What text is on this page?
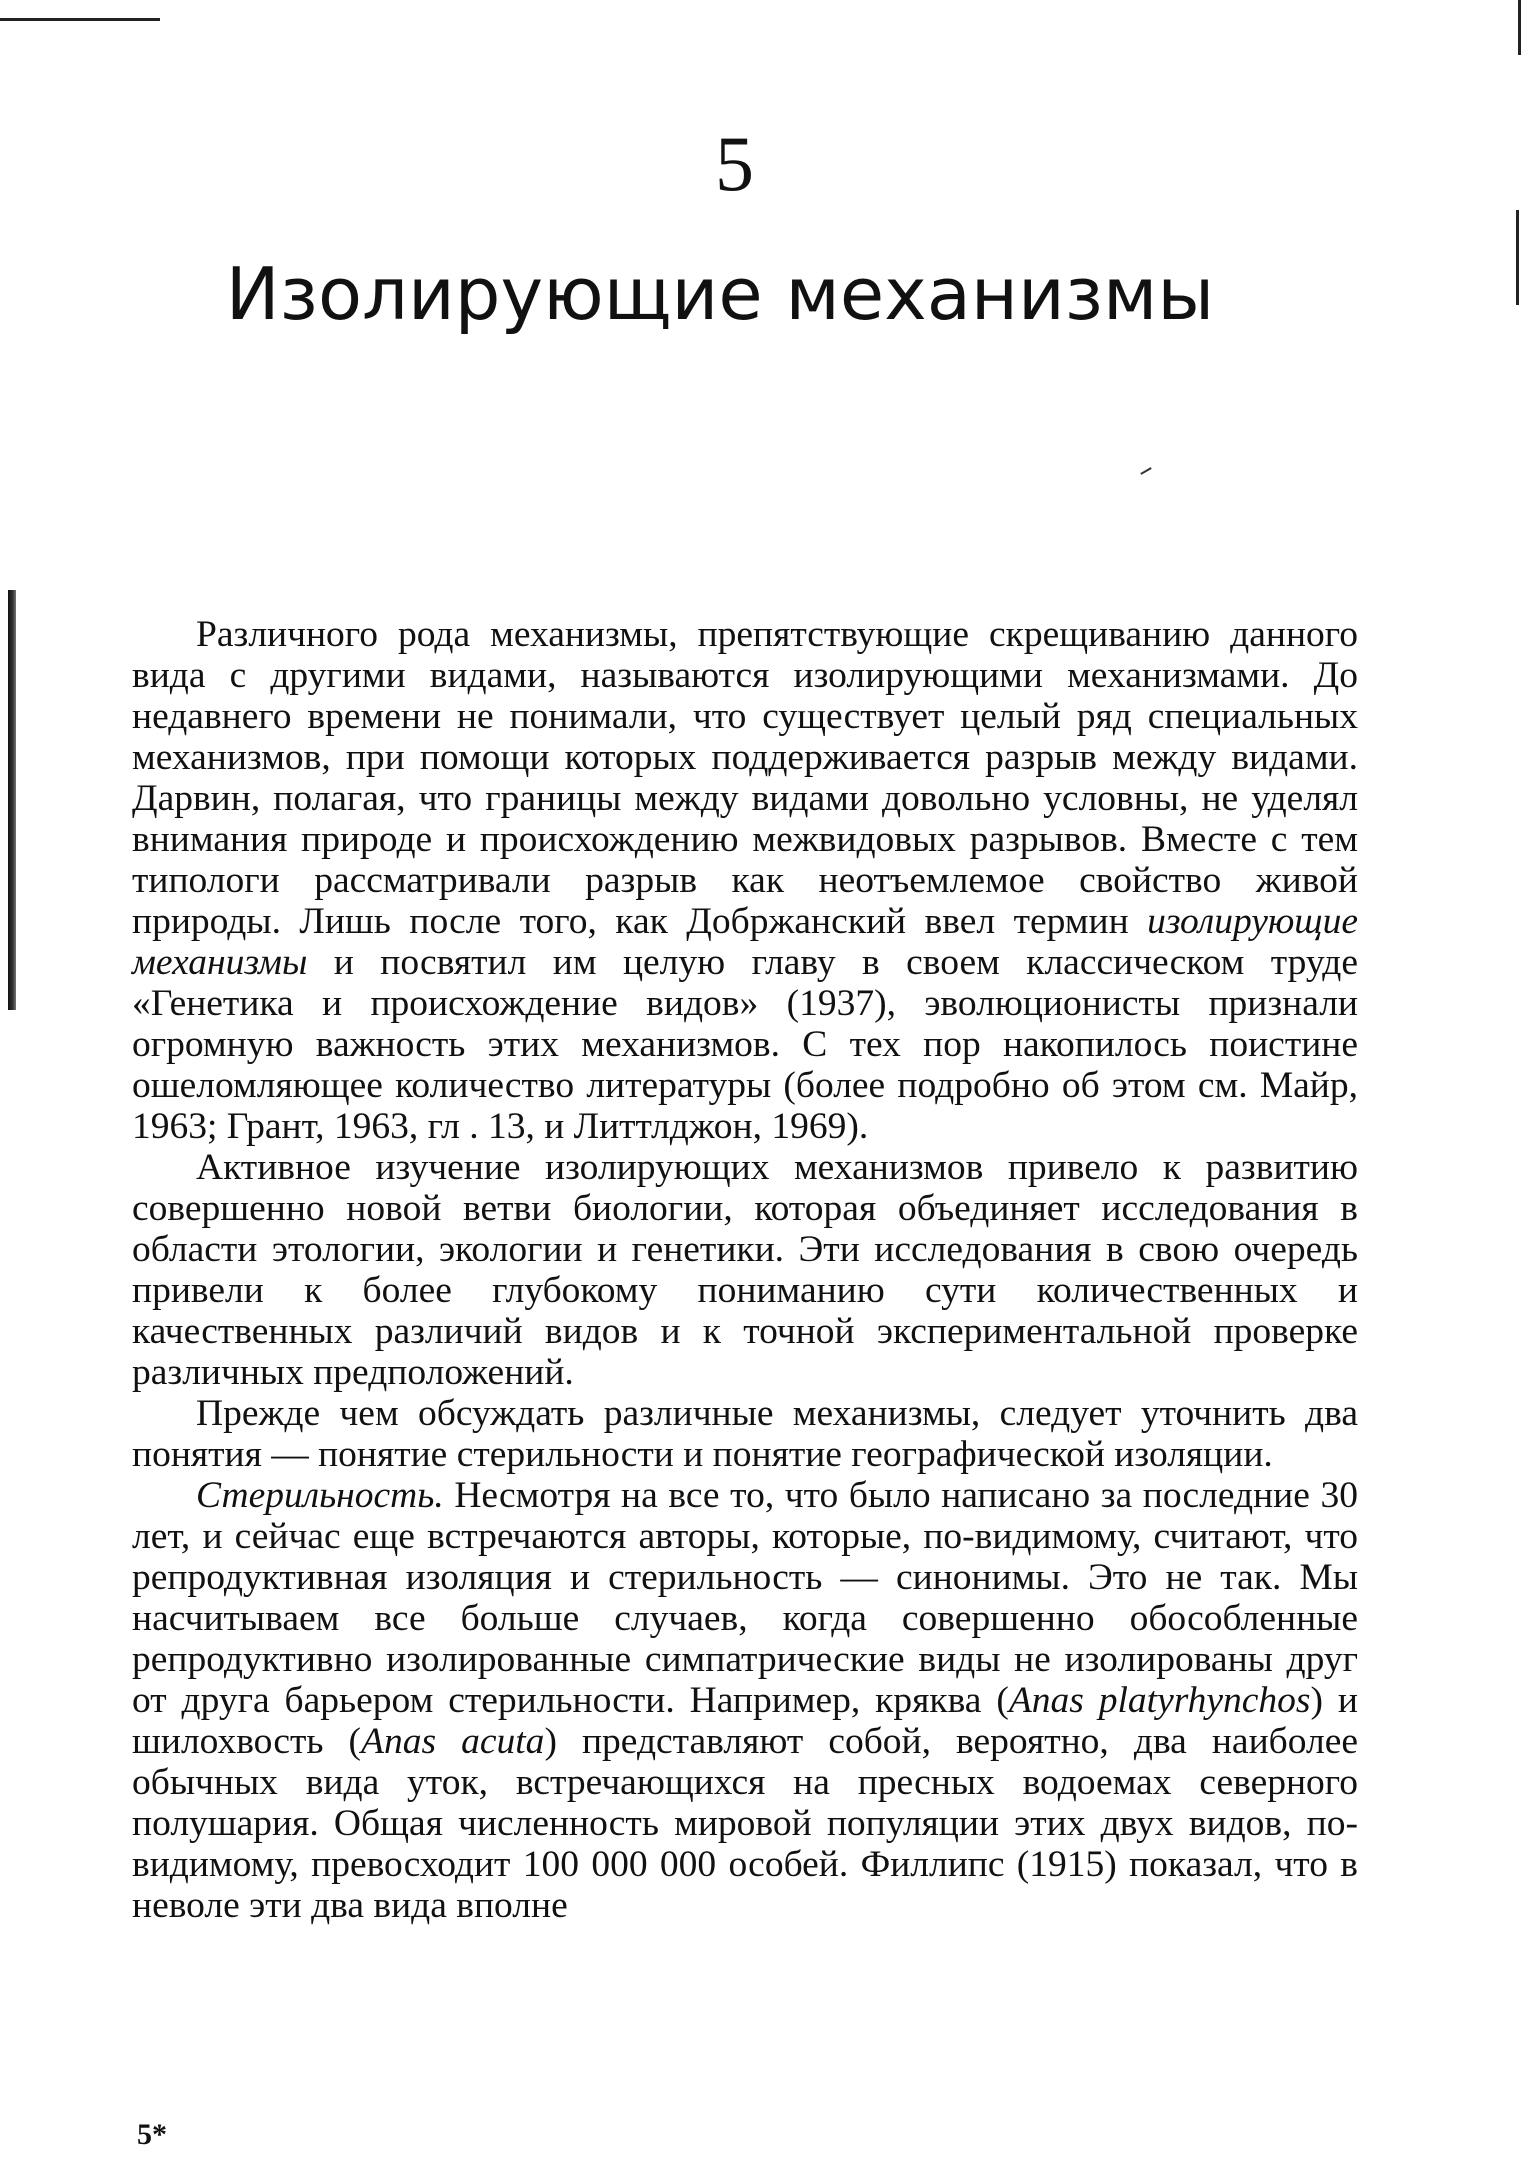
5
Изолирующие механизмы

Различного рода механизмы, препятствующие скрещиванию данного вида с другими видами, называются изолирующими механизмами. До недавнего времени не понимали, что существует целый ряд специальных механизмов, при помощи которых поддерживается разрыв между видами. Дарвин, полагая, что границы между видами довольно условны, не уделял внимания природе и происхождению межвидовых разрывов. Вместе с тем типологи рассматривали разрыв как неотъемлемое свойство живой природы. Лишь после того, как Добржанский ввел термин изолирующие механизмы и посвятил им целую главу в своем классическом труде «Генетика и происхождение видов» (1937), эволюционисты признали огромную важность этих механизмов. С тех пор накопилось поистине ошеломляющее количество литературы (более подробно об этом см. Майр, 1963; Грант, 1963, гл . 13, и Литтлджон, 1969).

Активное изучение изолирующих механизмов привело к развитию совершенно новой ветви биологии, которая объединяет исследования в области этологии, экологии и генетики. Эти исследования в свою очередь привели к более глубокому пониманию сути количественных и качественных различий видов и к точной экспериментальной проверке различных предположений.

Прежде чем обсуждать различные механизмы, следует уточнить два понятия — понятие стерильности и понятие географической изоляции.

Стерильность. Несмотря на все то, что было написано за последние 30 лет, и сейчас еще встречаются авторы, которые, по-видимому, считают, что репродуктивная изоляция и стерильность — синонимы. Это не так. Мы насчитываем все больше случаев, когда совершенно обособленные репродуктивно изолированные симпатрические виды не изолированы друг от друга барьером стерильности. Например, кряква (Anas platyrhynchos) и шилохвость (Anas acuta) представляют собой, вероятно, два наиболее обычных вида уток, встречающихся на пресных водоемах северного полушария. Общая численность мировой популяции этих двух видов, по-видимому, превосходит 100 000 000 особей. Филлипс (1915) показал, что в неволе эти два вида вполне

5*
